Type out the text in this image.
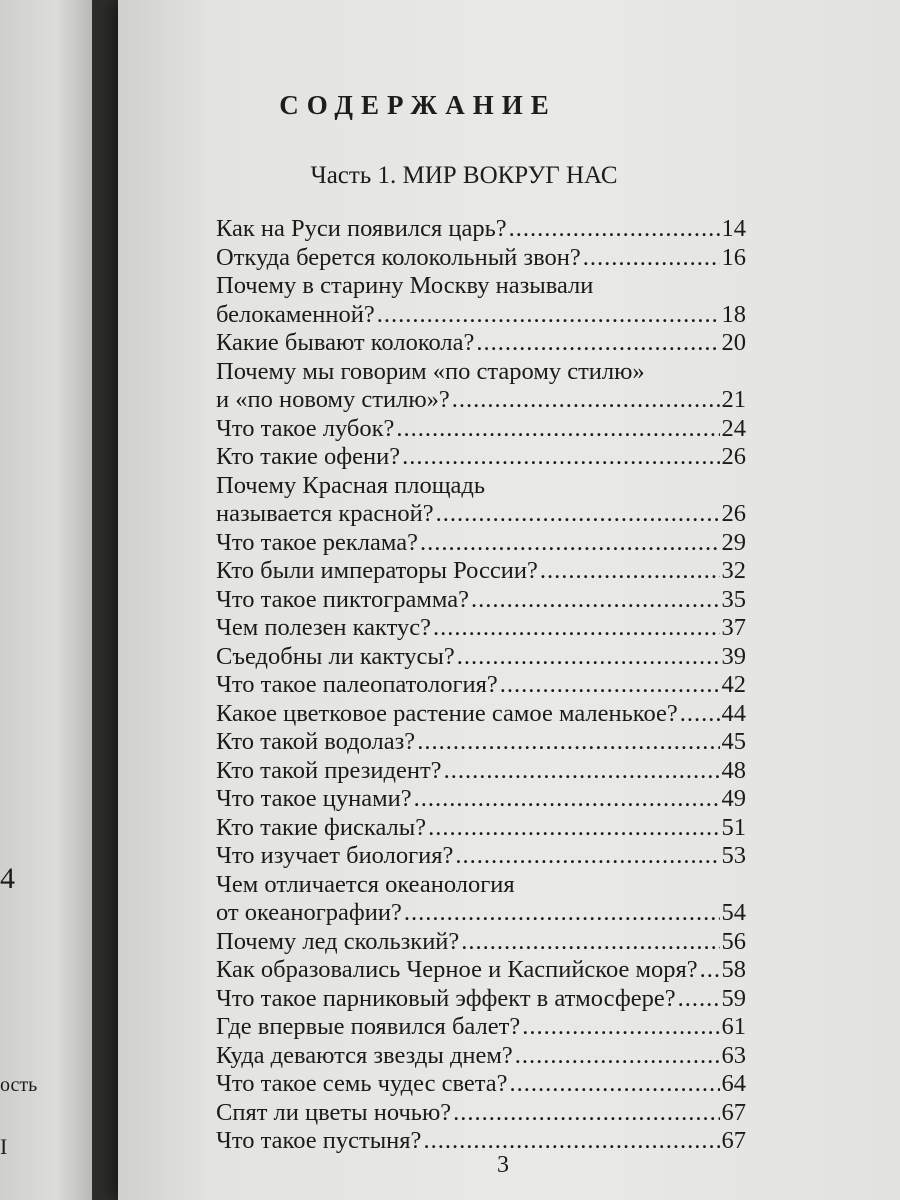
4
ость
I
СОДЕРЖАНИЕ
Часть 1. МИР ВОКРУГ НАС
Как на Руси появился царь? .....	14
Откуда берется колокольный звон? .....	16
Почему в старину Москву называли
белокаменной? .....	18
Какие бывают колокола? .....	20
Почему мы говорим «по старому стилю»
и «по новому стилю»? .....	21
Что такое лубок? .....	24
Кто такие офени? .....	26
Почему Красная площадь
называется красной? .....	26
Что такое реклама? .....	29
Кто были императоры России? .....	32
Что такое пиктограмма? .....	35
Чем полезен кактус? .....	37
Съедобны ли кактусы? .....	39
Что такое палеопатология? .....	42
Какое цветковое растение самое маленькое? ..... 44
Кто такой водолаз? .....	45
Кто такой президент? .....	48
Что такое цунами? .....	49
Кто такие фискалы? .....	51
Что изучает биология? .....	53
Чем отличается океанология
от океанографии? .....	54
Почему лед скользкий? .....	56
Как образовались Черное и Каспийское моря? ..... 58
Что такое парниковый эффект в атмосфере? ..... 59
Где впервые появился балет? .....	61
Куда деваются звезды днем? .....	63
Что такое семь чудес света? .....	64
Спят ли цветы ночью? .....	67
Что такое пустыня? .....	67
3
